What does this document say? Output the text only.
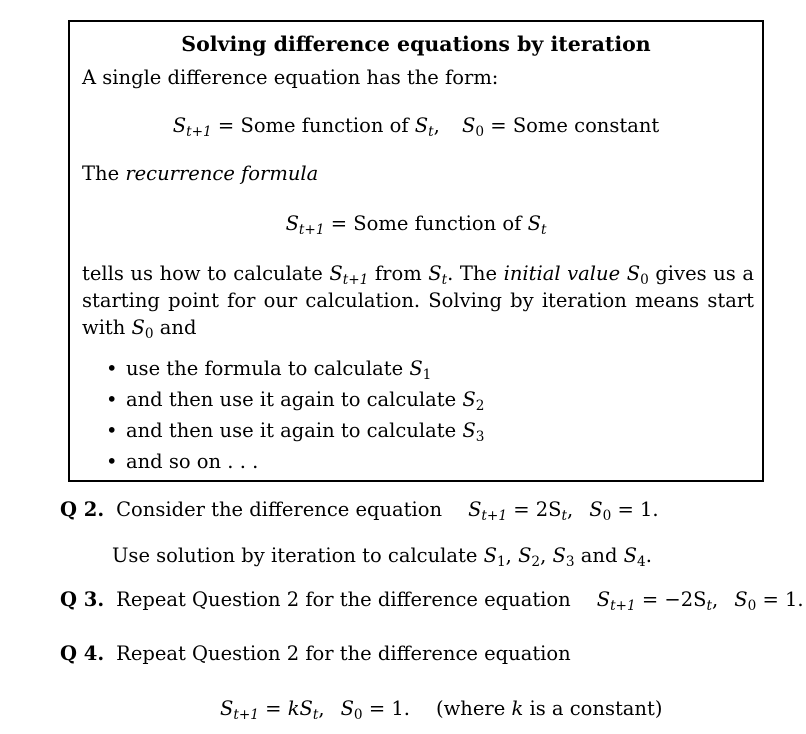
Solving difference equations by iteration
A single difference equation has the form:
$S_{t+1}$ = Some function of $S_t$, $S_0$ = Some constant
The recurrence formula
$S_{t+1}$ = Some function of $S_t$
tells us how to calculate $S_{t+1}$ from $S_t$. The initial value $S_0$ gives us a starting point for our calculation. Solving by iteration means start with $S_0$ and
• use the formula to calculate $S_1$
• and then use it again to calculate $S_2$
• and then use it again to calculate $S_3$
• and so on . . .
Q 2. Consider the difference equation $S_{t+1} = 2S_t$, $S_0 = 1$.
Use solution by iteration to calculate $S_1$, $S_2$, $S_3$ and $S_4$.
Q 3. Repeat Question 2 for the difference equation $S_{t+1} = -2S_t$, $S_0 = 1$.
Q 4. Repeat Question 2 for the difference equation
$S_{t+1} = kS_t$, $S_0 = 1$. (where k is a constant)
